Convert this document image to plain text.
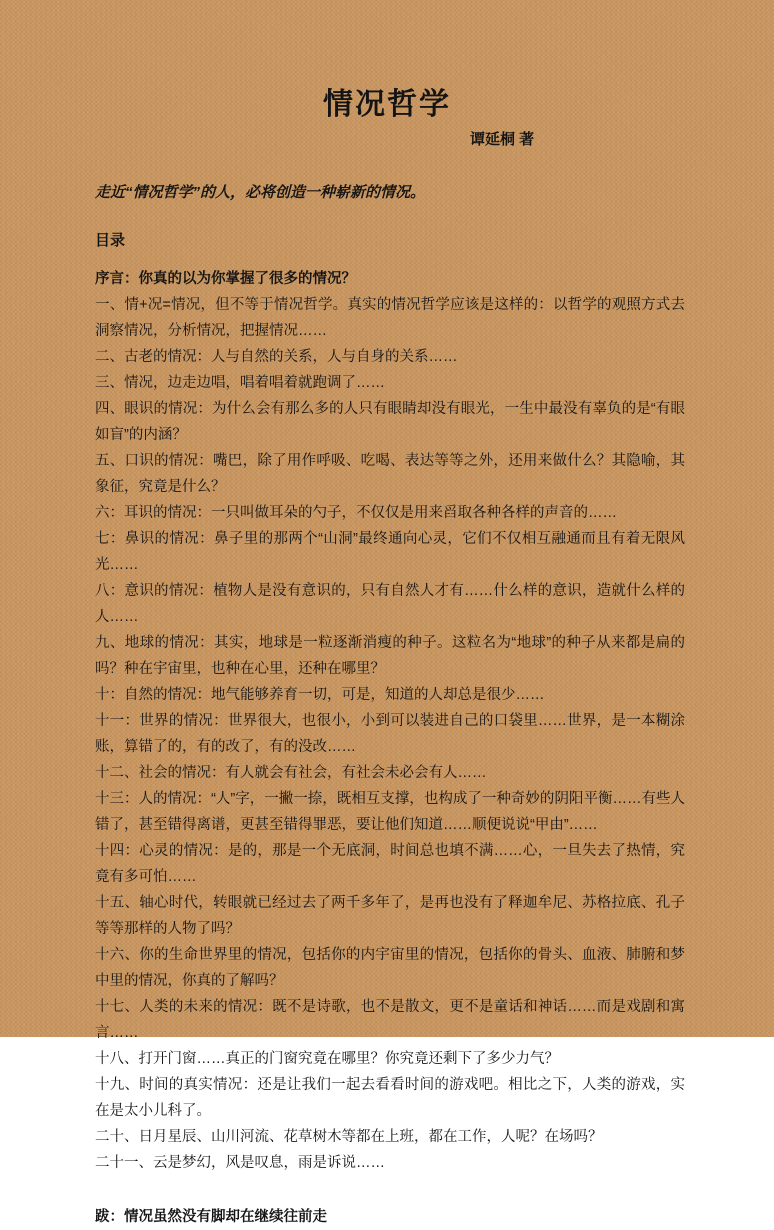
情况哲学

谭延桐 著

走近“情况哲学”的人，必将创造一种崭新的情况。

目录

序言：你真的以为你掌握了很多的情况？

一、情+况=情况，但不等于情况哲学。真实的情况哲学应该是这样的：以哲学的观照方式去洞察情况，分析情况，把握情况……

二、古老的情况：人与自然的关系，人与自身的关系……

三、情况，边走边唱，唱着唱着就跑调了……

四、眼识的情况：为什么会有那么多的人只有眼睛却没有眼光，一生中最没有辜负的是“有眼如盲”的内涵？

五、口识的情况：嘴巴，除了用作呼吸、吃喝、表达等等之外，还用来做什么？其隐喻，其象征，究竟是什么？

六：耳识的情况：一只叫做耳朵的勺子，不仅仅是用来舀取各种各样的声音的……

七：鼻识的情况：鼻子里的那两个“山洞”最终通向心灵，它们不仅相互融通而且有着无限风光……

八：意识的情况：植物人是没有意识的，只有自然人才有……什么样的意识，造就什么样的人……

九、地球的情况：其实，地球是一粒逐渐消瘦的种子。这粒名为“地球”的种子从来都是扁的吗？种在宇宙里，也种在心里，还种在哪里？

十：自然的情况：地气能够养育一切，可是，知道的人却总是很少……

十一：世界的情况：世界很大，也很小，小到可以装进自己的口袋里……世界，是一本糊涂账，算错了的，有的改了，有的没改……

十二、社会的情况：有人就会有社会，有社会未必会有人……

十三：人的情况：“人”字，一撇一捺，既相互支撑，也构成了一种奇妙的阴阳平衡……有些人错了，甚至错得离谱，更甚至错得罪恶，要让他们知道……顺便说说“甲由”……

十四：心灵的情况：是的，那是一个无底洞，时间总也填不满……心，一旦失去了热情，究竟有多可怕……

十五、轴心时代，转眼就已经过去了两千多年了，是再也没有了释迦牟尼、苏格拉底、孔子等等那样的人物了吗？

十六、你的生命世界里的情况，包括你的内宇宙里的情况，包括你的骨头、血液、肺腑和梦中里的情况，你真的了解吗？

十七、人类的未来的情况：既不是诗歌，也不是散文，更不是童话和神话……而是戏剧和寓言……

十八、打开门窗……真正的门窗究竟在哪里？你究竟还剩下了多少力气？

十九、时间的真实情况：还是让我们一起去看看时间的游戏吧。相比之下，人类的游戏，实在是太小儿科了。

二十、日月星辰、山川河流、花草树木等都在上班，都在工作，人呢？在场吗？

二十一、云是梦幻，风是叹息，雨是诉说……

跋：情况虽然没有脚却在继续往前走
